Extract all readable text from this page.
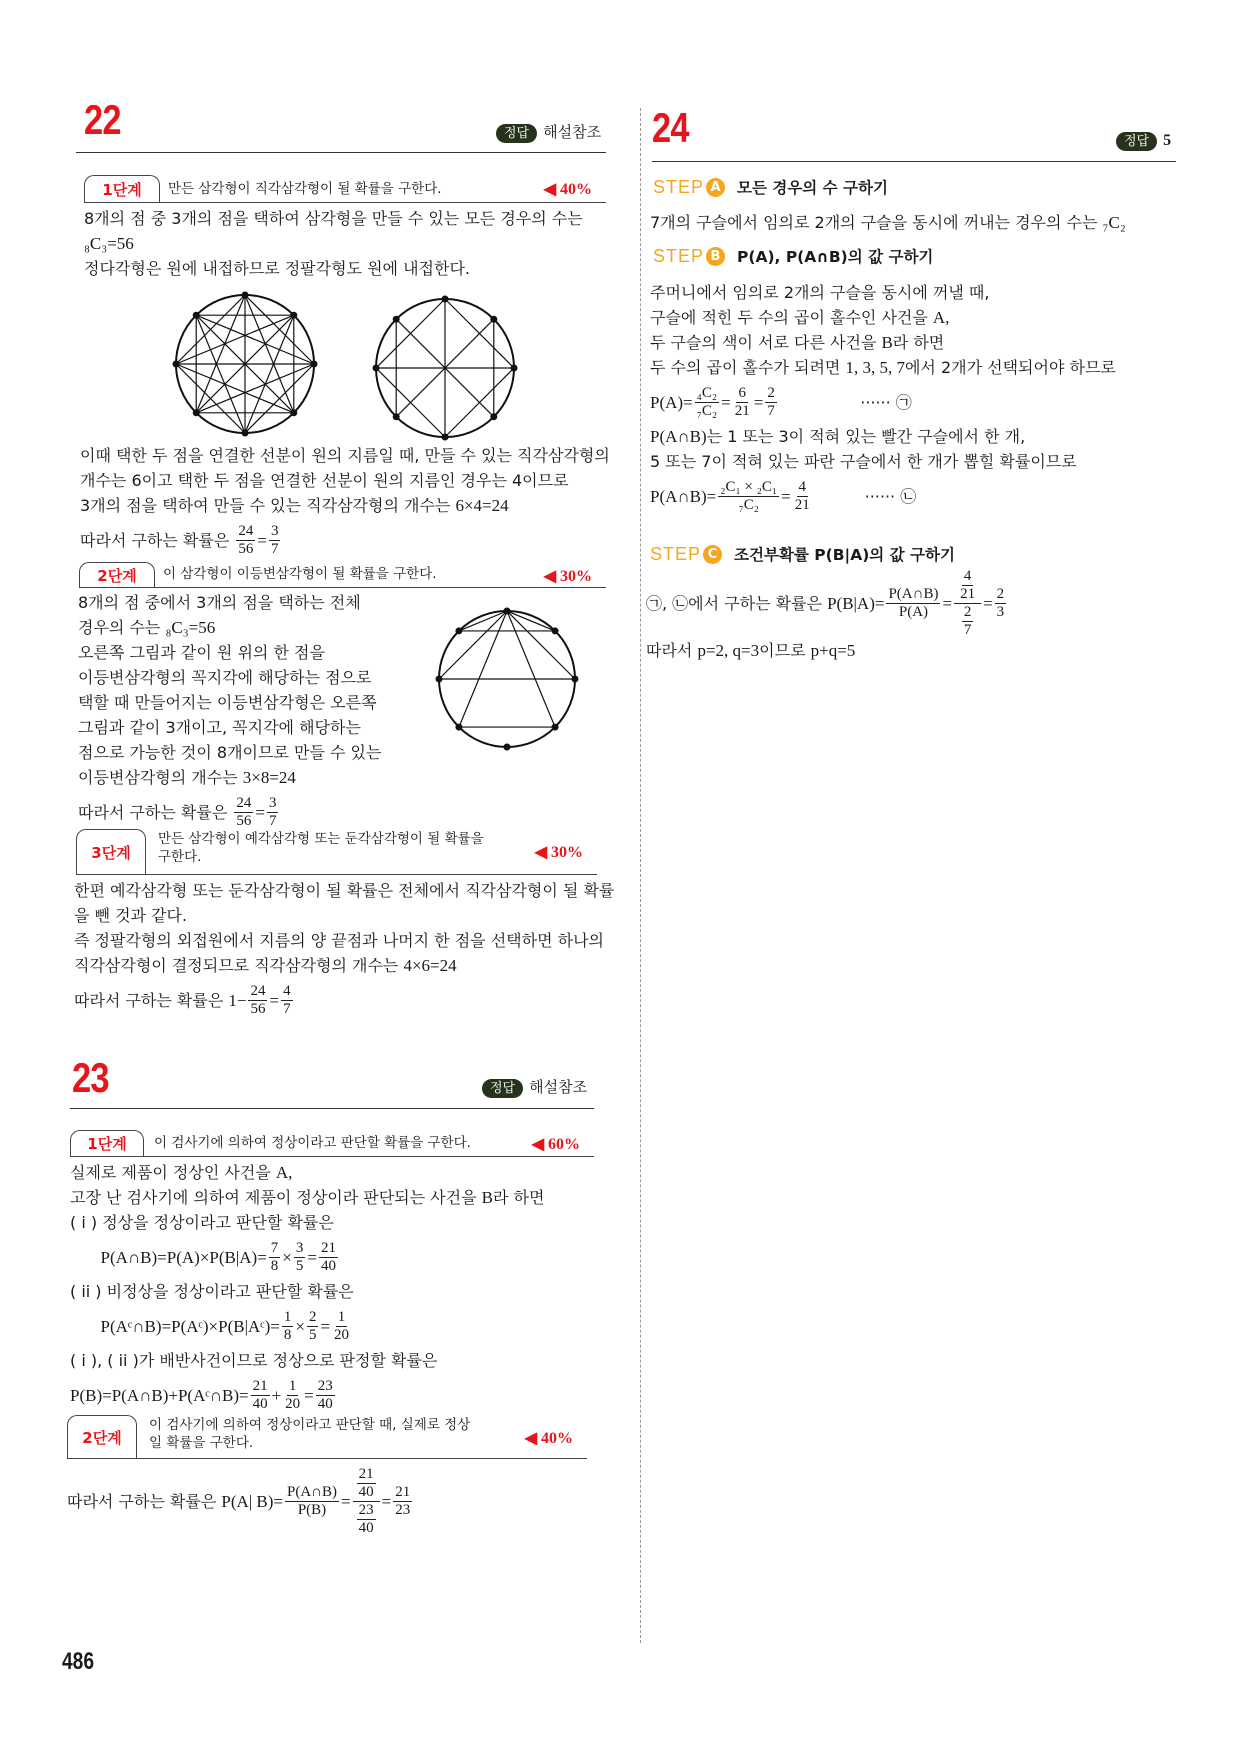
22	정답 해설참조
1단계	만든 삼각형이 직각삼각형이 될 확률을 구한다.	◀ 40%
8개의 점 중 3개의 점을 택하여 삼각형을 만들 수 있는 모든 경우의 수는
₈C₃=56
정다각형은 원에 내접하므로 정팔각형도 원에 내접한다.
이때 택한 두 점을 연결한 선분이 원의 지름일 때, 만들 수 있는 직각삼각형의
개수는 6이고 택한 두 점을 연결한 선분이 원의 지름인 경우는 4이므로
3개의 점을 택하여 만들 수 있는 직각삼각형의 개수는 6×4=24
따라서 구하는 확률은 $\frac{24}{56} = \frac{3}{7}$
2단계	이 삼각형이 이등변삼각형이 될 확률을 구한다.	◀ 30%
8개의 점 중에서 3개의 점을 택하는 전체
경우의 수는 ₈C₃=56
오른쪽 그림과 같이 원 위의 한 점을
이등변삼각형의 꼭지각에 해당하는 점으로
택할 때 만들어지는 이등변삼각형은 오른쪽
그림과 같이 3개이고, 꼭지각에 해당하는
점으로 가능한 것이 8개이므로 만들 수 있는
이등변삼각형의 개수는 3×8=24
따라서 구하는 확률은 $\frac{24}{56} = \frac{3}{7}$
3단계
만든 삼각형이 예각삼각형 또는 둔각삼각형이 될 확률을 구한다.	◀ 30%
한편 예각삼각형 또는 둔각삼각형이 될 확률은 전체에서 직각삼각형이 될 확률
을 뺀 것과 같다.
즉 정팔각형의 외접원에서 지름의 양 끝점과 나머지 한 점을 선택하면 하나의
직각삼각형이 결정되므로 직각삼각형의 개수는 4×6=24
따라서 구하는 확률은 $1- \frac{24}{56} = \frac{4}{7}$
23	정답 해설참조
1단계	이 검사기에 의하여 정상이라고 판단할 확률을 구한다.	◀ 60%
실제로 제품이 정상인 사건을 A,
고장 난 검사기에 의하여 제품이 정상이라 판단되는 사건을 B 라 하면
( i ) 정상을 정상이라고 판단할 확률은

P(A∩B)=P(A)×P(B|A)= $\frac{7}{8} \times \frac{3}{5} = \frac{21}{40}$
( ii ) 비정상을 정상이라고 판단할 확률은

P(Aᶜ∩B)=P(Aᶜ)×P(B|Aᶜ)= $\frac{1}{8} \times \frac{2}{5} = \frac{1}{20}$
( i ), ( ii )가 배반사건이므로 정상으로 판정할 확률은
P(B)=P(A∩B)+P(Aᶜ∩B)= $\frac{21}{40} + \frac{1}{20} = \frac{23}{40}$
2단계
이 검사기에 의하여 정상이라고 판단할 때, 실제로 정상일 확률을 구한다.	◀ 40%
따라서 구하는 확률은 P(A| $B)= \frac{P(A\cap B)}{P(B)} = \frac{\frac{21}{40}}{\frac{23}{40}} = \frac{21}{23}$
486
24	정답 5
STEP A 모든 경우의 수 구하기
7개의 구슬에서 임의로 2개의 구슬을 동시에 꺼내는 경우의 수는 ₇C₂
STEP B P(A), P(A∩B)의 값 구하기
주머니에서 임의로 2개의 구슬을 동시에 꺼낼 때,
구슬에 적힌 두 수의 곱이 홀수인 사건을 A,
두 구슬의 색이 서로 다른 사건을 B 라 하면
두 수의 곱이 홀수가 되려면 1, 3, 5, 7 에서 2개가 선택되어야 하므로
$P(A)= \frac{\text{₄C₂}}{\text{₇C₂}} = \frac{6}{21} = \frac{2}{7}$ ······ ㉠
P(A∩B) 는 1 또는 3이 적혀 있는 빨간 구슬에서 한 개,
5 또는 7이 적혀 있는 파란 구슬에서 한 개가 뽑힐 확률이므로
P(A∩B)= $\frac{\text{₂C₁ × ₂C₁}}{\text{₇C₂}} = \frac{4}{21}$ ······ ㉡
STEP C	조건부확률 P(B|A)의 값 구하기
㉠, ㉡에서 구하는 확률은 $P(B|A)= \frac{P(A\cap B)}{P(A)} = \frac{\frac{4}{21}}{\frac{2}{7}} = \frac{2}{3}$
따라서 p=2, q=3 이므로 p+q=5
